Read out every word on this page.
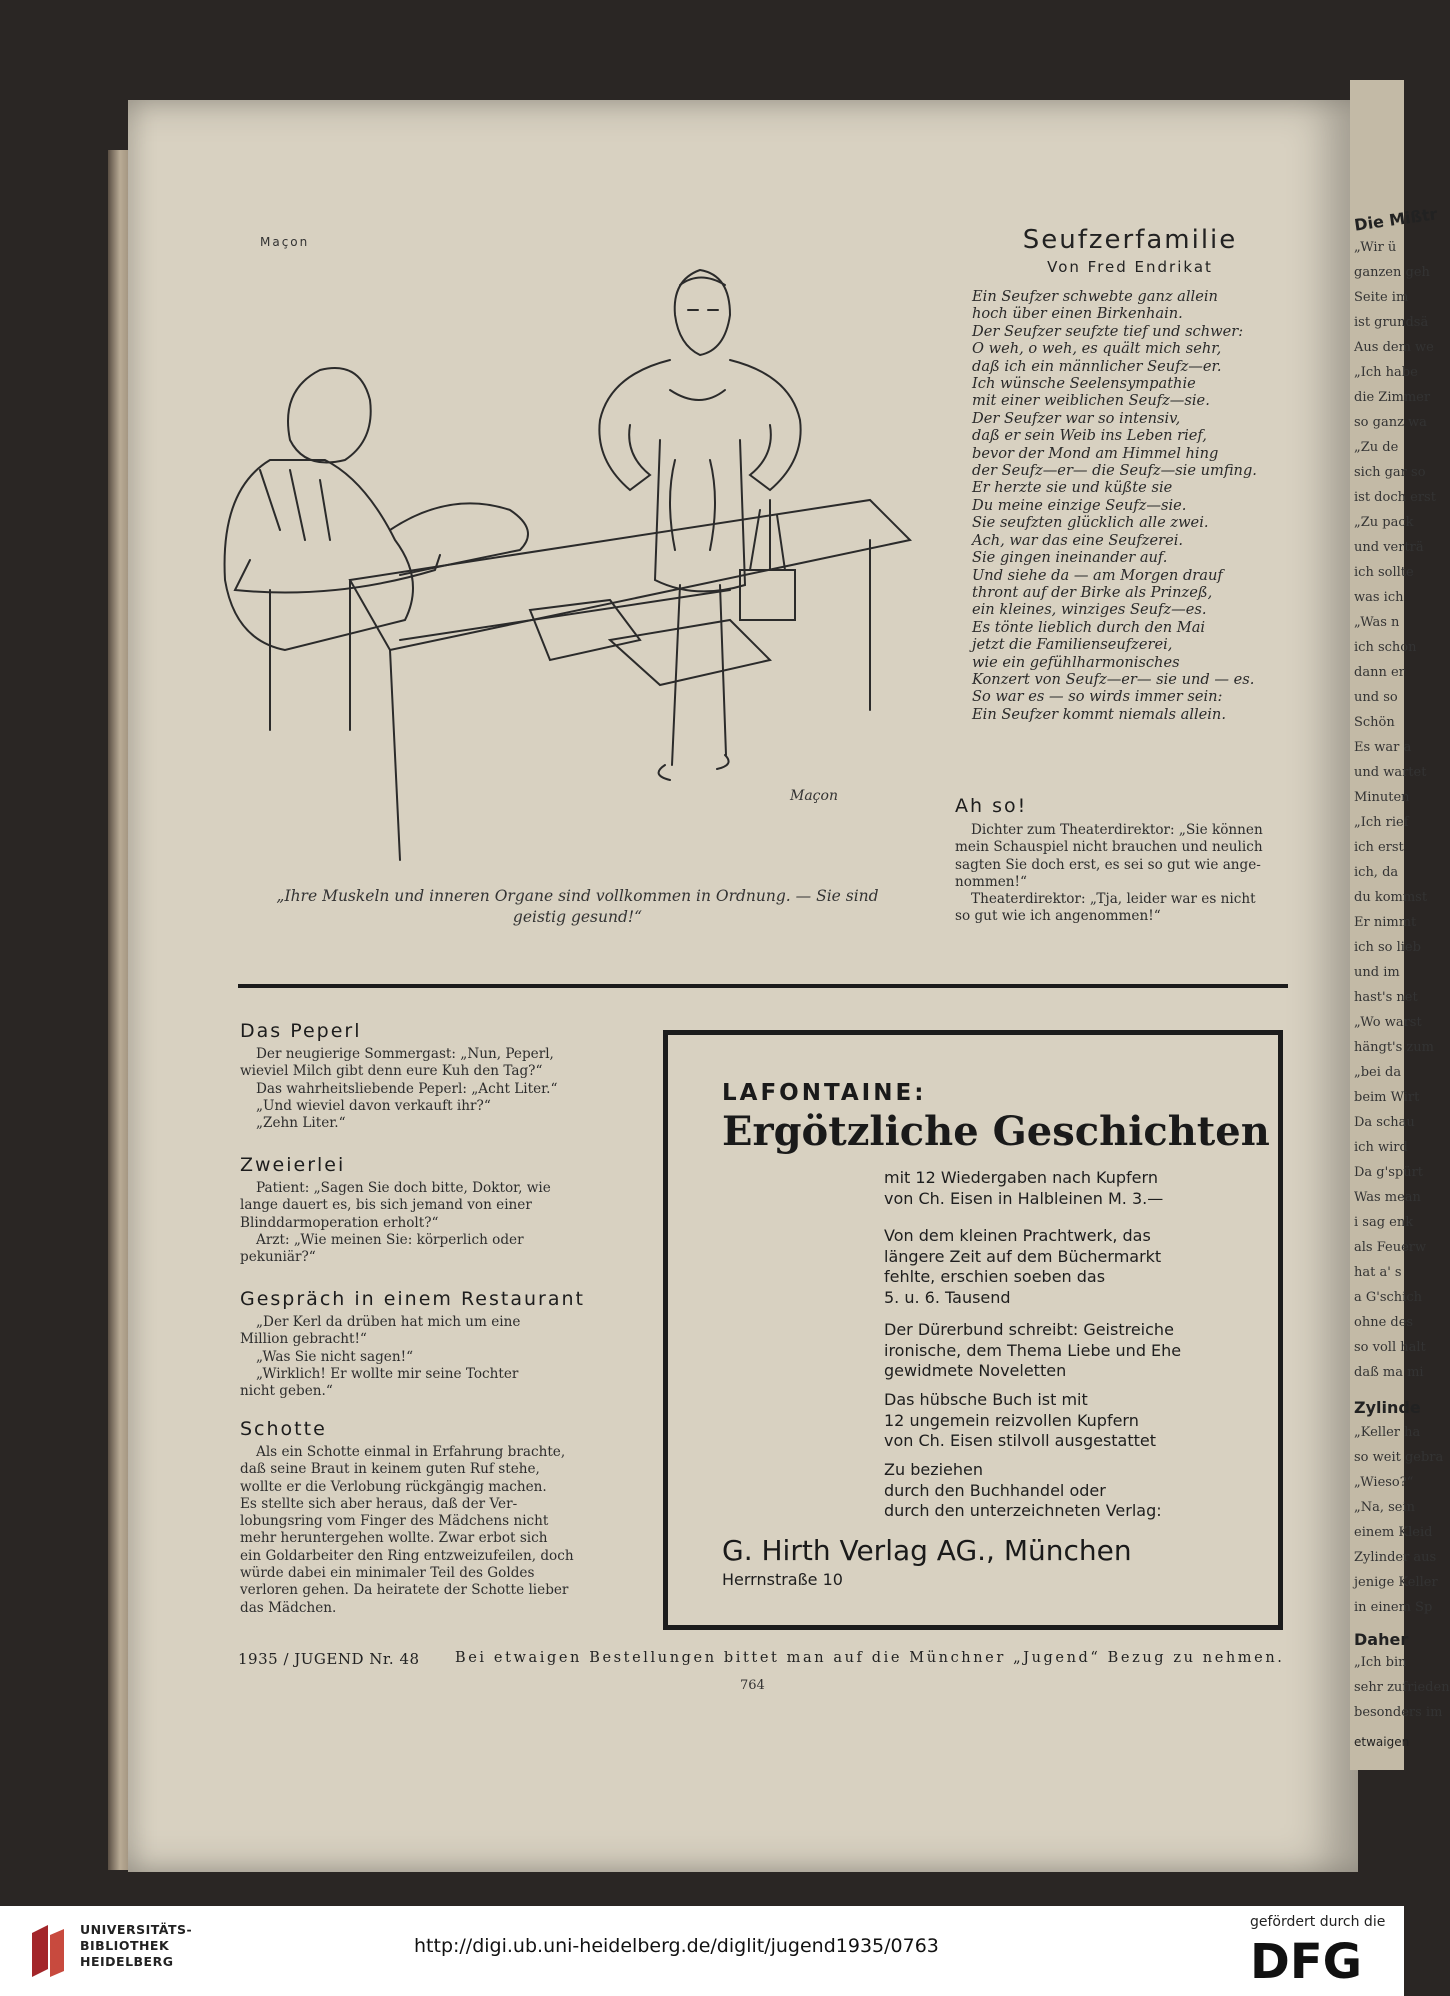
Die Mißtr
„Wir ü
ganzen geh
Seite im
ist grundsä
Aus dem we
„Ich habe
die Zimmer
so ganz wa
„Zu de
sich gar so
ist doch erst
„Zu pack
und verträ
ich sollte
was ich
„Was n
ich schon
dann er
und so
Schön
Es war a
und wartet
Minuten
„Ich rief
ich erst
ich, da
du kommst
Er nimmt
ich so lieb
und im
hast's net
„Wo warst
hängt's zum
„bei da
beim Wirt
Da schau
ich wird
Da g'spürt
Was mean
i sag enk
als Feuerw
hat a' s
a G'schich
ohne des
so voll halt
daß ma mi
Zylinde
„Keller ha
so weit gebra
„Wieso?“
„Na, sein
einem Kleid
Zylinder aus
jenige Keller
in einem Sp
Daher
„Ich bin
sehr zufrieden
besonders im
etwaigen
Maçon
Maçon
„Ihre Muskeln und inneren Organe sind vollkommen in Ordnung. — Sie sind geistig gesund!“
Seufzerfamilie
Von Fred Endrikat
Ein Seufzer schwebte ganz allein
hoch über einen Birkenhain.
Der Seufzer seufzte tief und schwer:
O weh, o weh, es quält mich sehr,
daß ich ein männlicher Seufz—er.
Ich wünsche Seelensympathie
mit einer weiblichen Seufz—sie.
Der Seufzer war so intensiv,
daß er sein Weib ins Leben rief,
bevor der Mond am Himmel hing
der Seufz—er— die Seufz—sie umfing.
Er herzte sie und küßte sie
Du meine einzige Seufz—sie.
Sie seufzten glücklich alle zwei.
Ach, war das eine Seufzerei.
Sie gingen ineinander auf.
Und siehe da — am Morgen drauf
thront auf der Birke als Prinzeß,
ein kleines, winziges Seufz—es.
Es tönte lieblich durch den Mai
jetzt die Familienseufzerei,
wie ein gefühlharmonisches
Konzert von Seufz—er— sie und — es.
So war es — so wirds immer sein:
Ein Seufzer kommt niemals allein.
Ah so!
Dichter zum Theaterdirektor: „Sie können
mein Schauspiel nicht brauchen und neulich
sagten Sie doch erst, es sei so gut wie ange-
nommen!“
Theaterdirektor: „Tja, leider war es nicht
so gut wie ich angenommen!“
Das Peperl
Der neugierige Sommergast: „Nun, Peperl,
wieviel Milch gibt denn eure Kuh den Tag?“
Das wahrheitsliebende Peperl: „Acht Liter.“
„Und wieviel davon verkauft ihr?“
„Zehn Liter.“
Zweierlei
Patient: „Sagen Sie doch bitte, Doktor, wie
lange dauert es, bis sich jemand von einer
Blinddarmoperation erholt?“
Arzt: „Wie meinen Sie: körperlich oder
pekuniär?“
Gespräch in einem Restaurant
„Der Kerl da drüben hat mich um eine
Million gebracht!“
„Was Sie nicht sagen!“
„Wirklich! Er wollte mir seine Tochter
nicht geben.“
Schotte
Als ein Schotte einmal in Erfahrung brachte,
daß seine Braut in keinem guten Ruf stehe,
wollte er die Verlobung rückgängig machen.
Es stellte sich aber heraus, daß der Ver-
lobungsring vom Finger des Mädchens nicht
mehr heruntergehen wollte. Zwar erbot sich
ein Goldarbeiter den Ring entzweizufeilen, doch
würde dabei ein minimaler Teil des Goldes
verloren gehen. Da heiratete der Schotte lieber
das Mädchen.
LAFONTAINE:
Ergötzliche Geschichten
mit 12 Wiedergaben nach Kupfern
von Ch. Eisen in Halbleinen M. 3.—
Von dem kleinen Prachtwerk, das
längere Zeit auf dem Büchermarkt
fehlte, erschien soeben das
5. u. 6. Tausend
Der Dürerbund schreibt: Geistreiche
ironische, dem Thema Liebe und Ehe
gewidmete Noveletten
Das hübsche Buch ist mit
12 ungemein reizvollen Kupfern
von Ch. Eisen stilvoll ausgestattet
Zu beziehen
durch den Buchhandel oder
durch den unterzeichneten Verlag:
G. Hirth Verlag AG., München
Herrnstraße 10
1935 / JUGEND Nr. 48 Bei etwaigen Bestellungen bittet man auf die Münchner „Jugend“ Bezug zu nehmen.
764
UNIVERSITÄTS-
BIBLIOTHEK
HEIDELBERG
http://digi.ub.uni-heidelberg.de/diglit/jugend1935/0763
gefördert durch die
DFG
